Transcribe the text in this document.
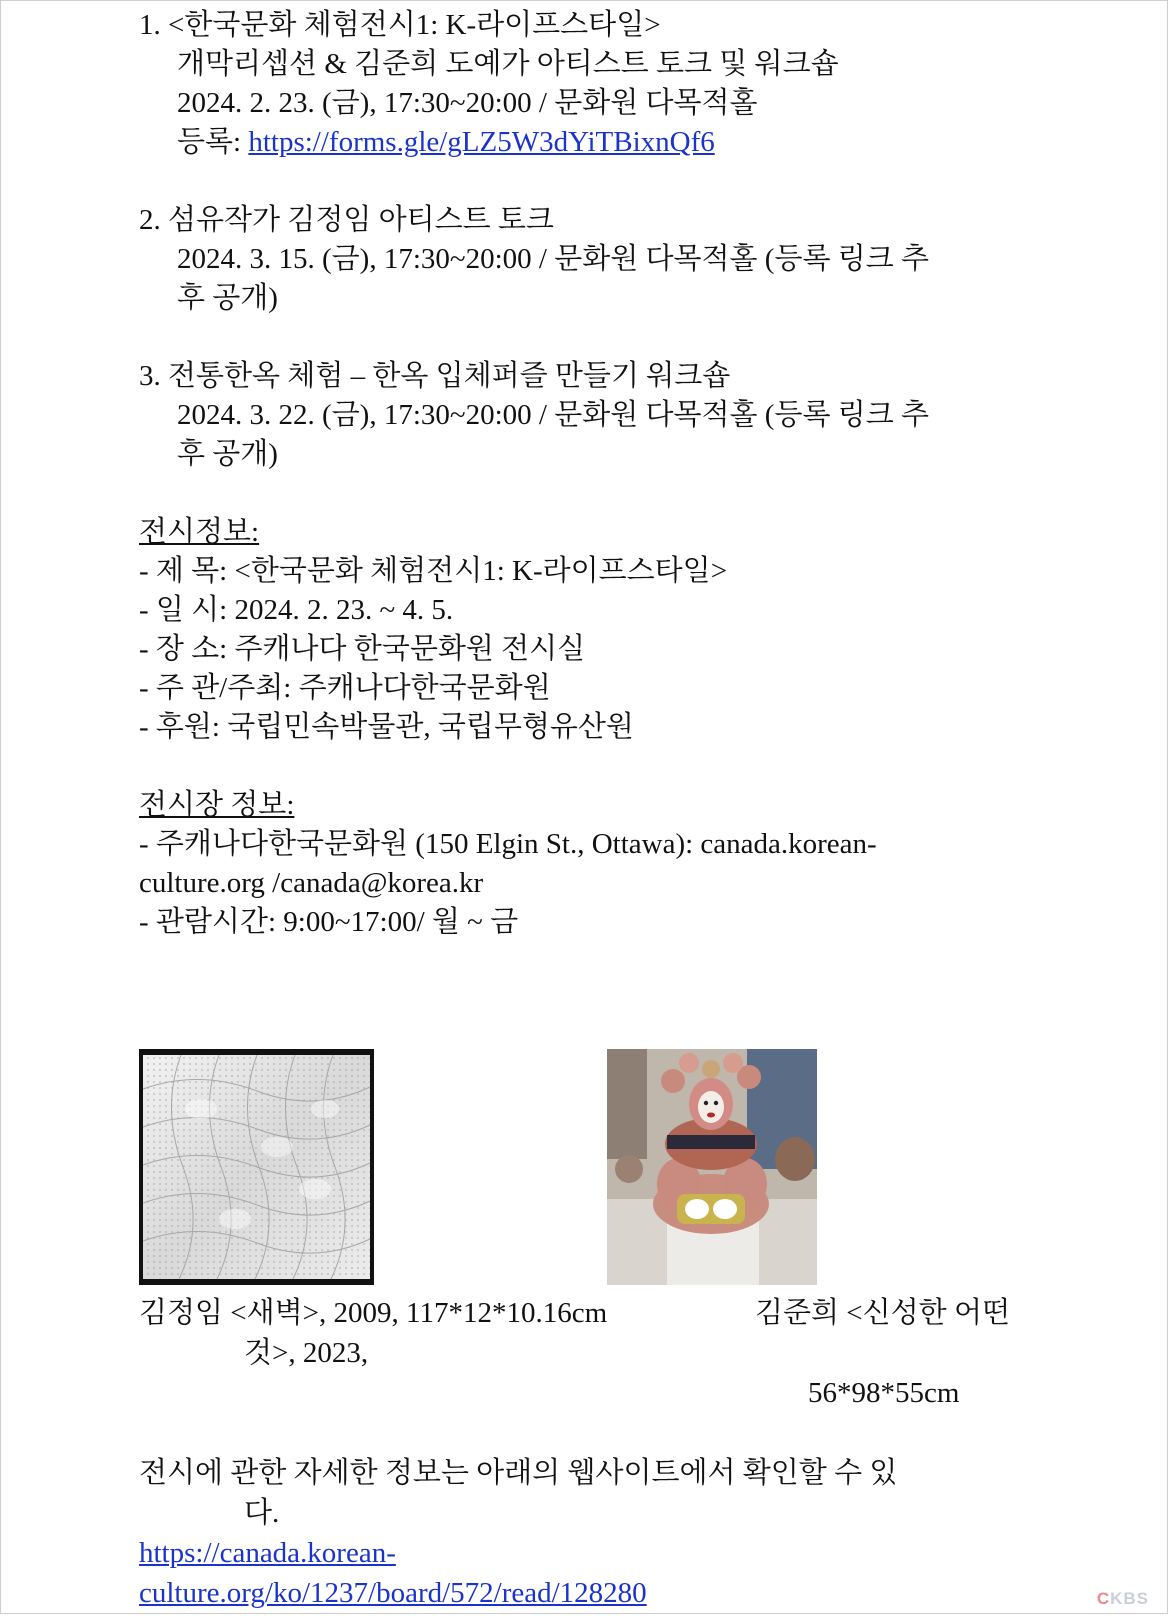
1. <한국문화 체험전시1: K-라이프스타일>
개막리셉션 & 김준희 도예가 아티스트 토크 및 워크숍
2024. 2. 23. (금), 17:30~20:00 / 문화원 다목적홀
등록: https://forms.gle/gLZ5W3dYiTBixnQf6
2. 섬유작가 김정임 아티스트 토크
2024. 3. 15. (금), 17:30~20:00 / 문화원 다목적홀 (등록 링크 추
후 공개)
3. 전통한옥 체험 – 한옥 입체퍼즐 만들기 워크숍
2024. 3. 22. (금), 17:30~20:00 / 문화원 다목적홀 (등록 링크 추
후 공개)
전시정보:
- 제 목: <한국문화 체험전시1: K-라이프스타일>
- 일 시: 2024. 2. 23. ~ 4. 5.
- 장 소: 주캐나다 한국문화원 전시실
- 주 관/주최: 주캐나다한국문화원
- 후원: 국립민속박물관, 국립무형유산원
전시장 정보:
- 주캐나다한국문화원 (150 Elgin St., Ottawa): canada.korean-
culture.org /canada@korea.kr
- 관람시간: 9:00~17:00/ 월 ~ 금
김정임 <새벽>, 2009, 117*12*10.16cm	김준희 <신성한 어떤
것>, 2023,
56*98*55cm
전시에 관한 자세한 정보는 아래의 웹사이트에서 확인할 수 있
다.
https://canada.korean-
culture.org/ko/1237/board/572/read/128280	CKBS
